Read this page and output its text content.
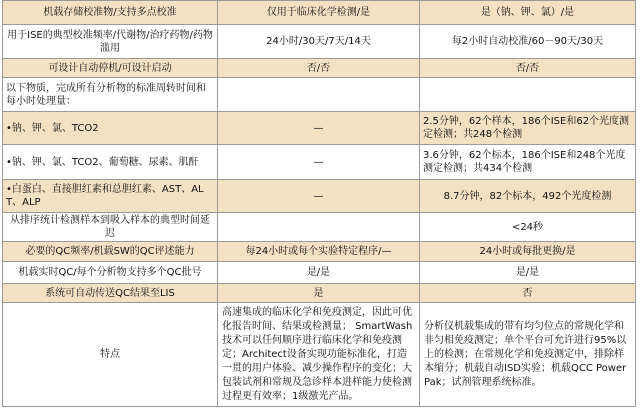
机载存储校准物/支持多点校准	仅用于临床化学检测/是	是（钠、钾、氯）/是
用于ISE的典型校准频率/代谢物/治疗药物/药物滥用	24小时/30天/7天/14天	每2小时自动校准/60－90天/30天
可设计自动停机/可设计启动	否/否	否/否
以下物质，完成所有分析物的标准周转时间和每小时处理量：		
•钠、钾、氯、TCO2	—	2.5分钟，62个样本，186个ISE和62个光度测定检测；共248个检测
•钠、钾、氯、TCO2、葡萄糖、尿素、肌酐	—	3.6分钟，62个标本，186个ISE和248个光度测定检测；共434个检测
•白蛋白、直接胆红素和总胆红素、AST、ALT、ALP	—	8.7分钟，82个标本，492个光度检测
从排序统计检测样本到吸入样本的典型时间延迟		<24秒
必要的QC频率/机载SW的QC评述能力	每24小时或每个实验特定程序/—	24小时或每批更换/是
机载实时QC/每个分析物支持多个QC批号	是/是	是/是
系统可自动传送QC结果至LIS	是	否
特点	高速集成的临床化学和免疫测定，因此可优化报告时间、结果或检测量； SmartWash技术可以任何顺序进行临床化学和免疫测定；Architect设备实现功能标准化，打造一贯的用户体验、减少操作程序的变化；大包装试剂和常规及急诊样本进样能力使检测过程更有效率；1级激光产品。	分析仪机载集成的带有均匀位点的常规化学和非匀相免疫测定；单个平台可允许进行95%以上的检测；在常规化学和免疫测定中，排除样本缩分；机载自动ISD实验；机载QCC PowerPak；试剂管理系统标准。
